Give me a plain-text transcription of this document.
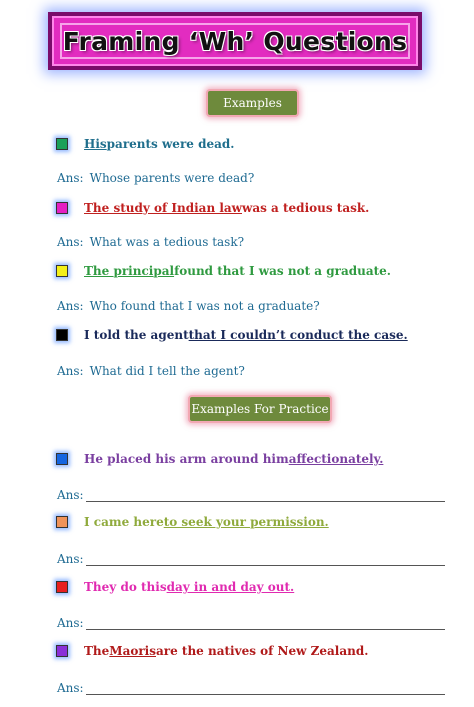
Framing ‘Wh’ Questions
Examples
His parents were dead.
Ans: Whose parents were dead?
The study of Indian law was a tedious task.
Ans: What was a tedious task?
The principal found that I was not a graduate.
Ans: Who found that I was not a graduate?
I told the agent that I couldn’t conduct the case.
Ans: What did I tell the agent?
Examples For Practice
He placed his arm around him affectionately.
Ans:
I came here to seek your permission.
Ans:
They do this day in and day out.
Ans:
The Maoris are the natives of New Zealand.
Ans:
